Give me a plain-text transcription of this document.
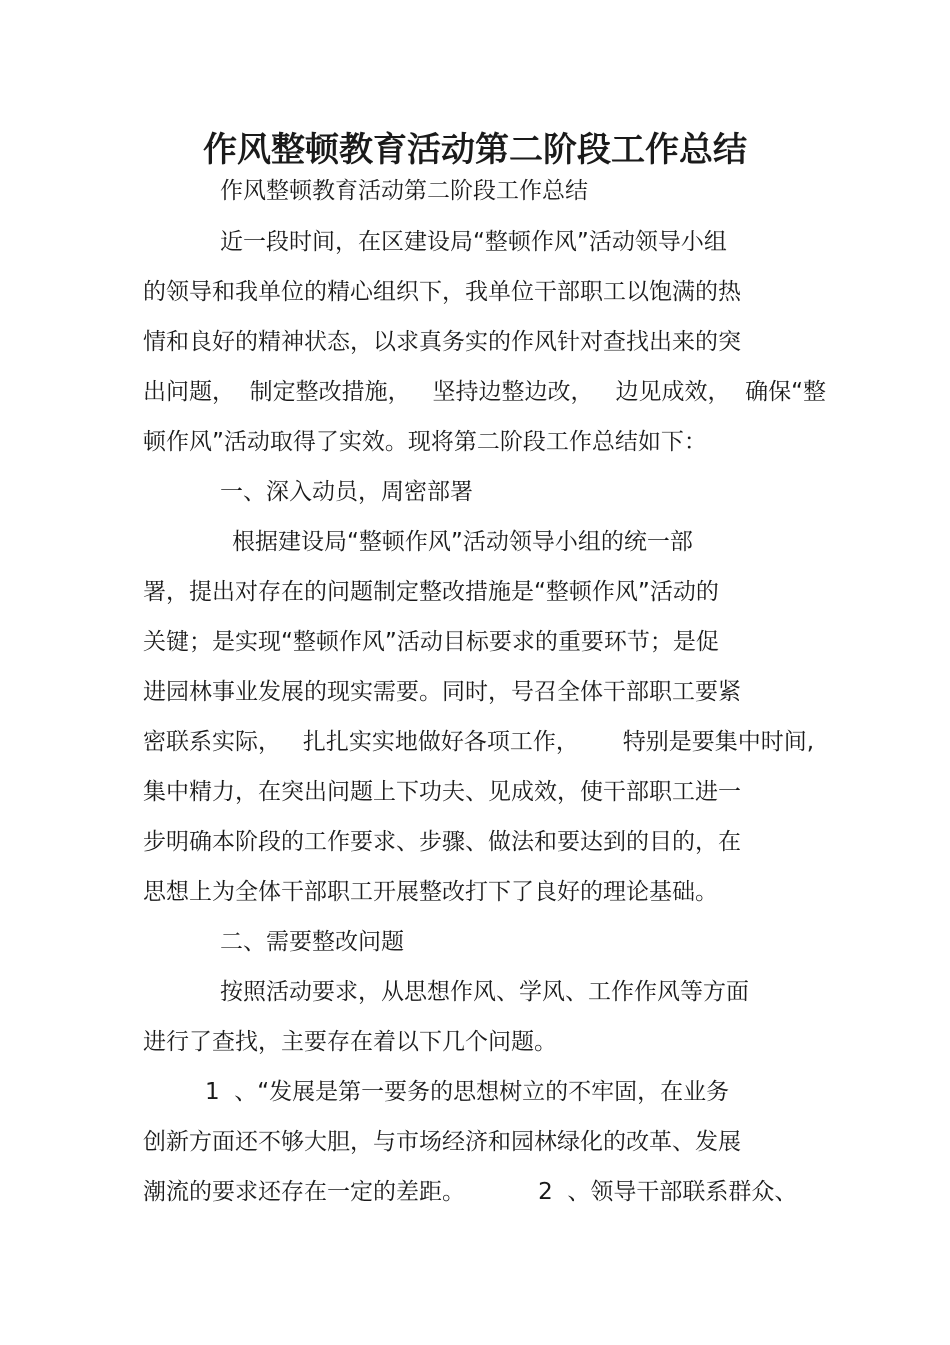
作风整顿教育活动第二阶段工作总结

作风整顿教育活动第二阶段工作总结

近一段时间，在区建设局“整顿作风”活动领导小组

的领导和我单位的精心组织下，我单位干部职工以饱满的热

情和良好的精神状态，以求真务实的作风针对查找出来的突

出问题，  制定整改措施，   坚持边整边改，   边见成效，  确保“整

顿作风”活动取得了实效。现将第二阶段工作总结如下：

一、深入动员，周密部署

根据建设局“整顿作风”活动领导小组的统一部

署，提出对存在的问题制定整改措施是“整顿作风”活动的

关键；是实现“整顿作风”活动目标要求的重要环节；是促

进园林事业发展的现实需要。同时，号召全体干部职工要紧

密联系实际，   扎扎实实地做好各项工作，      特别是要集中时间,

集中精力，在突出问题上下功夫、见成效，使干部职工进一

步明确本阶段的工作要求、步骤、做法和要达到的目的，在

思想上为全体干部职工开展整改打下了良好的理论基础。

二、需要整改问题

按照活动要求，从思想作风、学风、工作作风等方面

进行了查找，主要存在着以下几个问题。

1  、“发展是第一要务的思想树立的不牢固，在业务

创新方面还不够大胆，与市场经济和园林绿化的改革、发展

潮流的要求还存在一定的差距。          2  、领导干部联系群众、
